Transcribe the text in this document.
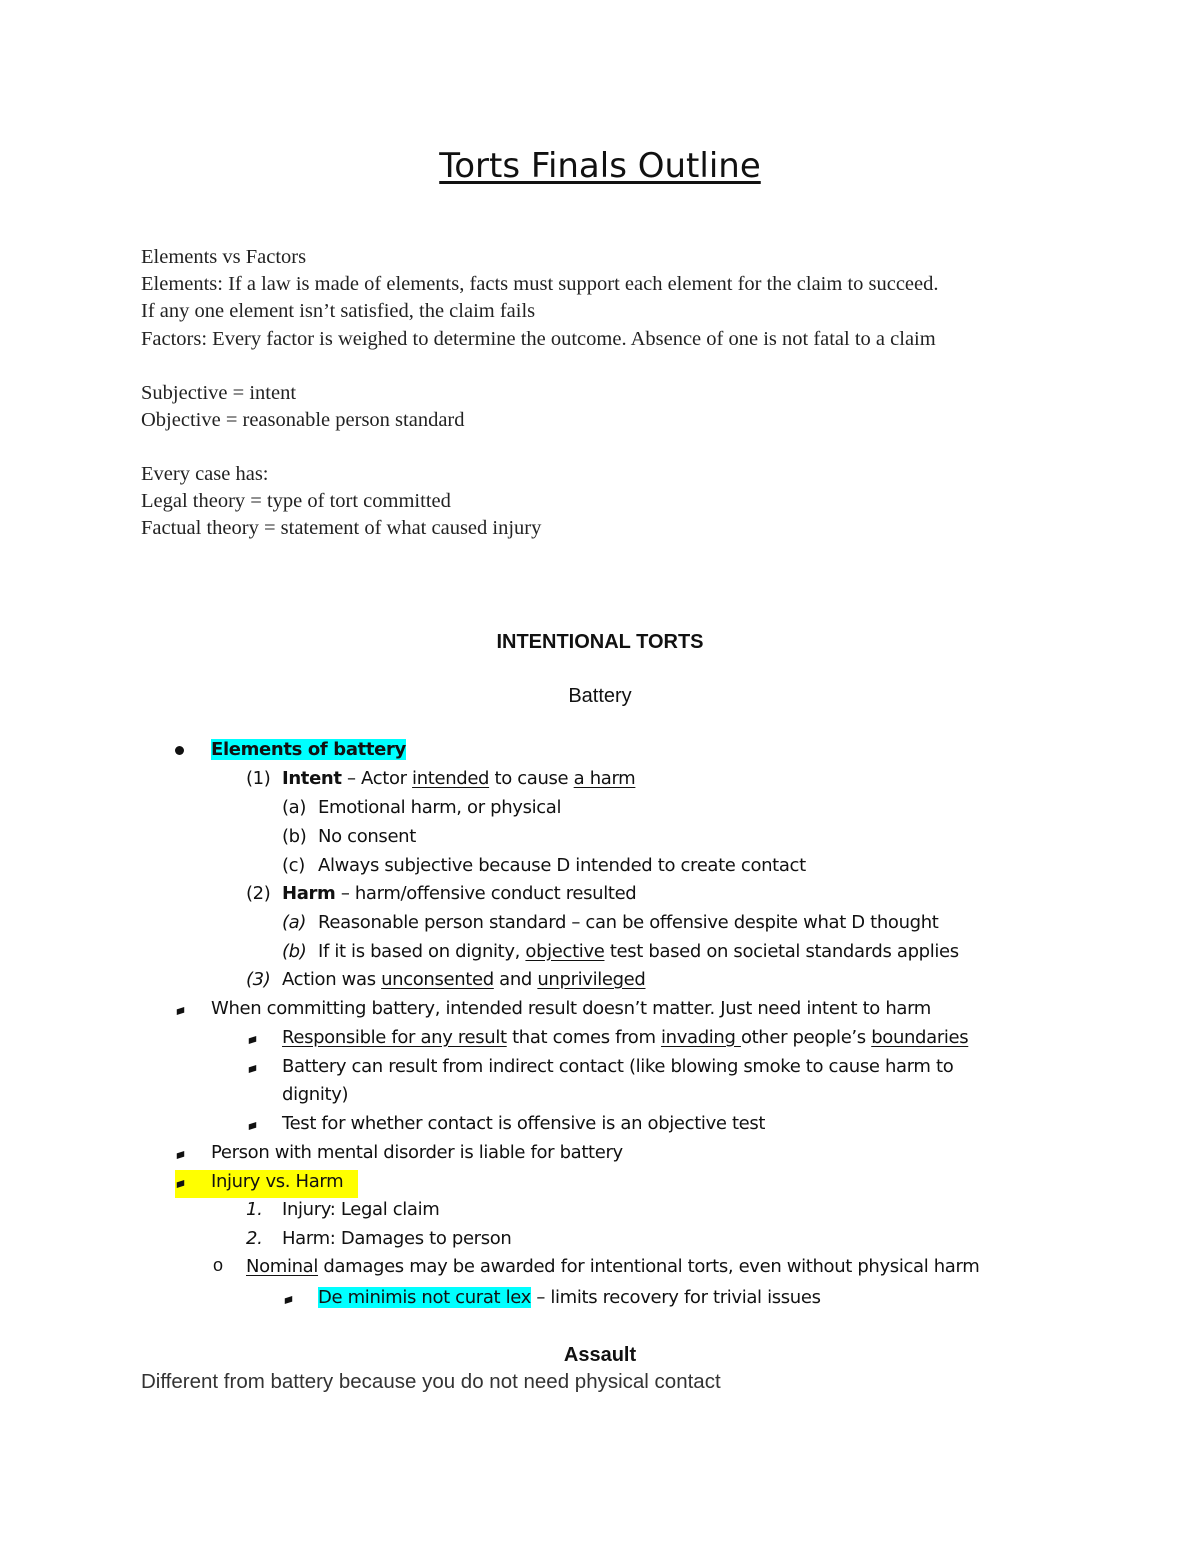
Torts Finals Outline
Elements vs Factors
Elements: If a law is made of elements, facts must support each element for the claim to succeed.
If any one element isn’t satisfied, the claim fails
Factors: Every factor is weighed to determine the outcome. Absence of one is not fatal to a claim
Subjective = intent
Objective = reasonable person standard
Every case has:
Legal theory = type of tort committed
Factual theory = statement of what caused injury
INTENTIONAL TORTS
Battery
Elements of battery
(1) Intent – Actor intended to cause a harm
(a) Emotional harm, or physical
(b) No consent
(c) Always subjective because D intended to create contact
(2) Harm – harm/offensive conduct resulted
(a) Reasonable person standard – can be offensive despite what D thought
(b) If it is based on dignity, objective test based on societal standards applies
(3) Action was unconsented and unprivileged
When committing battery, intended result doesn’t matter. Just need intent to harm
Responsible for any result that comes from invading other people’s boundaries
Battery can result from indirect contact (like blowing smoke to cause harm to
dignity)
Test for whether contact is offensive is an objective test
Person with mental disorder is liable for battery
Injury vs. Harm
1. Injury: Legal claim
2. Harm: Damages to person
o Nominal damages may be awarded for intentional torts, even without physical harm
De minimis not curat lex – limits recovery for trivial issues
Assault
Different from battery because you do not need physical contact
